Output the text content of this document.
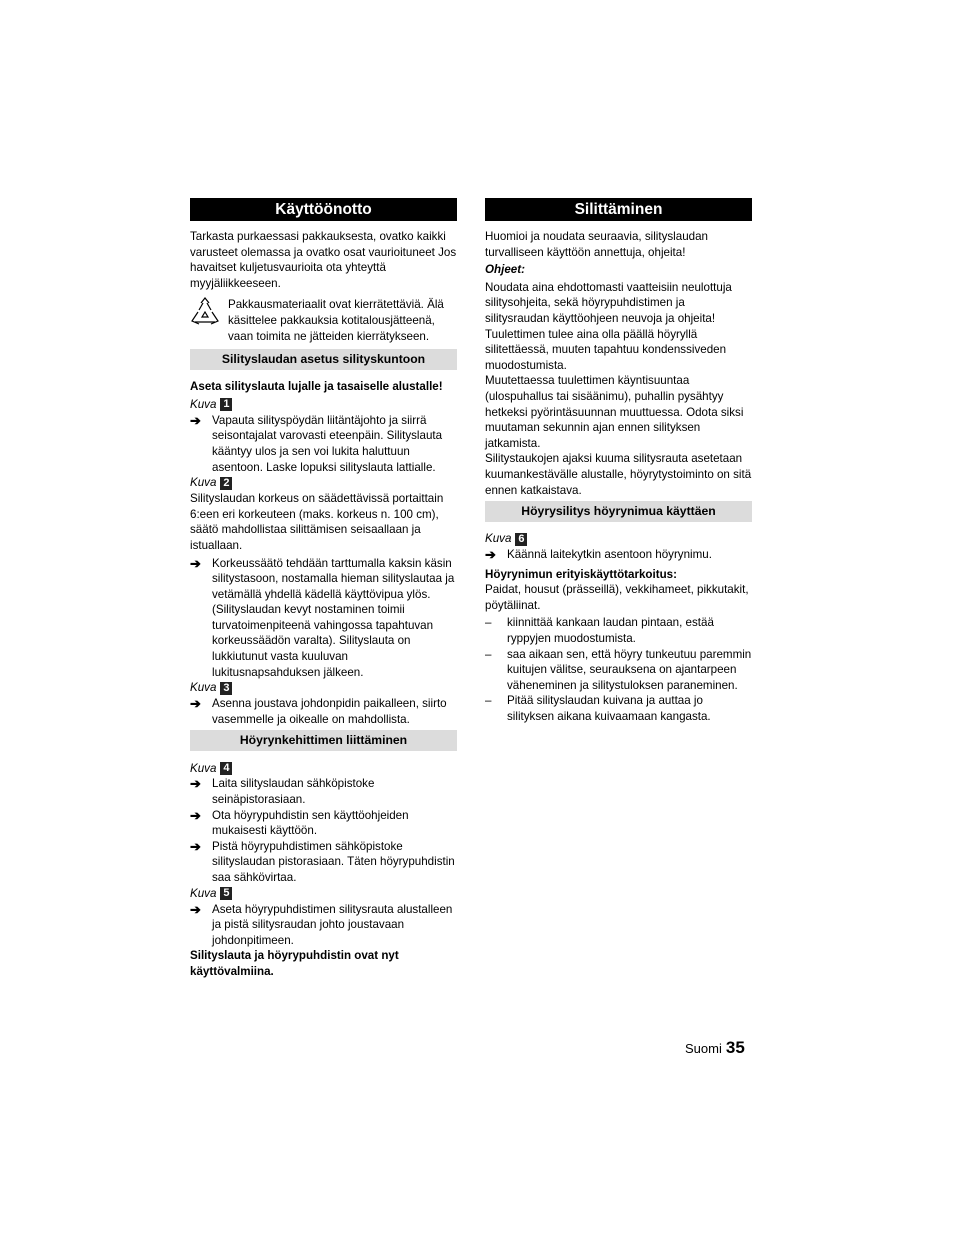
Käyttöönotto

Tarkasta purkaessasi pakkauksesta, ovatko kaikki varusteet olemassa ja ovatko osat vaurioituneet Jos havaitset kuljetusvaurioita ota yhteyttä myyjäliikkeeseen.

Pakkausmateriaalit ovat kierrätettäviä. Älä käsittelee pakkauksia kotitalousjätteenä, vaan toimita ne jätteiden kierrätykseen.

Silityslaudan asetus silityskuntoon

Aseta silityslauta lujalle ja tasaiselle alustalle!

Kuva 1
➔ Vapauta silityspöydän liitäntäjohto ja siirrä seisontajalat varovasti eteenpäin. Silityslauta kääntyy ulos ja sen voi lukita haluttuun asentoon. Laske lopuksi silityslauta lattialle.
Kuva 2

Silityslaudan korkeus on säädettävissä portaittain 6:een eri korkeuteen (maks. korkeus n. 100 cm), säätö mahdollistaa silittämisen seisaallaan ja istuallaan.

➔ Korkeussäätö tehdään tarttumalla kaksin käsin silitystasoon, nostamalla hieman silityslautaa ja vetämällä yhdellä kädellä käyttövipua ylös. (Silityslaudan kevyt nostaminen toimii turvatoimenpiteenä vahingossa tapahtuvan korkeussäädön varalta). Silityslauta on lukkiutunut vasta kuuluvan lukitusnapsahduksen jälkeen.
Kuva 3
➔ Asenna joustava johdonpidin paikalleen, siirto vasemmelle ja oikealle on mahdollista.
Höyrynkehittimen liittäminen
Kuva 4
➔ Laita silityslaudan sähköpistoke seinäpistorasiaan.
➔ Ota höyrypuhdistin sen käyttöohjeiden mukaisesti käyttöön.
➔ Pistä höyrypuhdistimen sähköpistoke silityslaudan pistorasiaan. Täten höyrypuhdistin saa sähkövirtaa.
Kuva 5
➔ Aseta höyrypuhdistimen silitysrauta alustalleen ja pistä silitysraudan johto joustavaan johdonpitimeen.

Silityslauta ja höyrypuhdistin ovat nyt käyttövalmiina.

Silittäminen

Huomioi ja noudata seuraavia, silityslaudan turvalliseen käyttöön annettuja, ohjeita!

Ohjeet:

Noudata aina ehdottomasti vaatteisiin neulottuja silitysohjeita, sekä höyrypuhdistimen ja silitysraudan käyttöohjeen neuvoja ja ohjeita!

Tuulettimen tulee aina olla päällä höyryllä silitettäessä, muuten tapahtuu kondenssiveden muodostumista.

Muutettaessa tuulettimen käyntisuuntaa (ulospuhallus tai sisäänimu), puhallin pysähtyy hetkeksi pyörintäsuunnan muuttuessa. Odota siksi muutaman sekunnin ajan ennen silityksen jatkamista.

Silitystaukojen ajaksi kuuma silitysrauta asetetaan kuumankestävälle alustalle, höyrytystoiminto on sitä ennen katkaistava.

Höyrysilitys höyrynimua käyttäen
Kuva 6
➔ Käännä laitekytkin asentoon höyrynimu.

Höyrynimun erityiskäyttötarkoitus:

Paidat, housut (prässeillä), vekkihameet, pikkutakit, pöytäliinat.

–	kiinnittää kankaan laudan pintaan, estää ryppyjen muodostumista.
–	saa aikaan sen, että höyry tunkeutuu paremmin kuitujen välitse, seurauksena on ajantarpeen väheneminen ja silitystuloksen paraneminen.
–	Pitää silityslaudan kuivana ja auttaa jo silityksen aikana kuivaamaan kangasta.
Suomi 35
